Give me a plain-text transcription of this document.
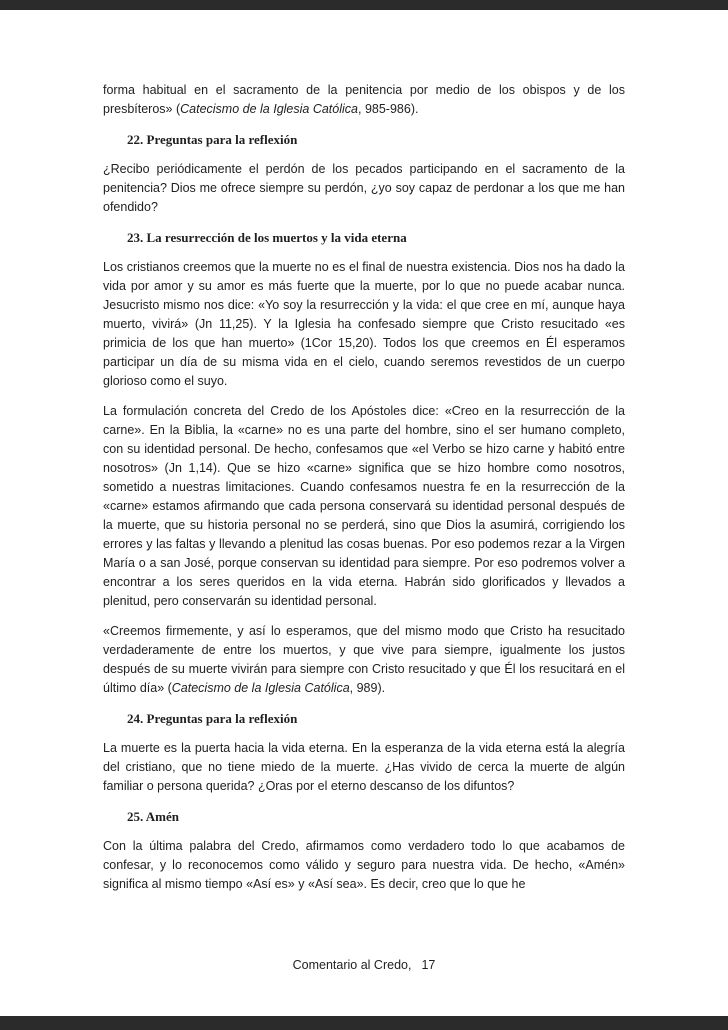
forma habitual en el sacramento de la penitencia por medio de los obispos y de los presbíteros» (Catecismo de la Iglesia Católica, 985-986).

22. Preguntas para la reflexión

¿Recibo periódicamente el perdón de los pecados participando en el sacramento de la penitencia? Dios me ofrece siempre su perdón, ¿yo soy capaz de perdonar a los que me han ofendido?

23. La resurrección de los muertos y la vida eterna

Los cristianos creemos que la muerte no es el final de nuestra existencia. Dios nos ha dado la vida por amor y su amor es más fuerte que la muerte, por lo que no puede acabar nunca. Jesucristo mismo nos dice: «Yo soy la resurrección y la vida: el que cree en mí, aunque haya muerto, vivirá» (Jn 11,25). Y la Iglesia ha confesado siempre que Cristo resucitado «es primicia de los que han muerto» (1Cor 15,20). Todos los que creemos en Él esperamos participar un día de su misma vida en el cielo, cuando seremos revestidos de un cuerpo glorioso como el suyo.

La formulación concreta del Credo de los Apóstoles dice: «Creo en la resurrección de la carne». En la Biblia, la «carne» no es una parte del hombre, sino el ser humano completo, con su identidad personal. De hecho, confesamos que «el Verbo se hizo carne y habitó entre nosotros» (Jn 1,14). Que se hizo «carne» significa que se hizo hombre como nosotros, sometido a nuestras limitaciones. Cuando confesamos nuestra fe en la resurrección de la «carne» estamos afirmando que cada persona conservará su identidad personal después de la muerte, que su historia personal no se perderá, sino que Dios la asumirá, corrigiendo los errores y las faltas y llevando a plenitud las cosas buenas. Por eso podemos rezar a la Virgen María o a san José, porque conservan su identidad para siempre. Por eso podremos volver a encontrar a los seres queridos en la vida eterna. Habrán sido glorificados y llevados a plenitud, pero conservarán su identidad personal.

«Creemos firmemente, y así lo esperamos, que del mismo modo que Cristo ha resucitado verdaderamente de entre los muertos, y que vive para siempre, igualmente los justos después de su muerte vivirán para siempre con Cristo resucitado y que Él los resucitará en el último día» (Catecismo de la Iglesia Católica, 989).

24. Preguntas para la reflexión

La muerte es la puerta hacia la vida eterna. En la esperanza de la vida eterna está la alegría del cristiano, que no tiene miedo de la muerte. ¿Has vivido de cerca la muerte de algún familiar o persona querida? ¿Oras por el eterno descanso de los difuntos?

25. Amén

Con la última palabra del Credo, afirmamos como verdadero todo lo que acabamos de confesar, y lo reconocemos como válido y seguro para nuestra vida. De hecho, «Amén» significa al mismo tiempo «Así es» y «Así sea». Es decir, creo que lo que he

Comentario al Credo, 17
